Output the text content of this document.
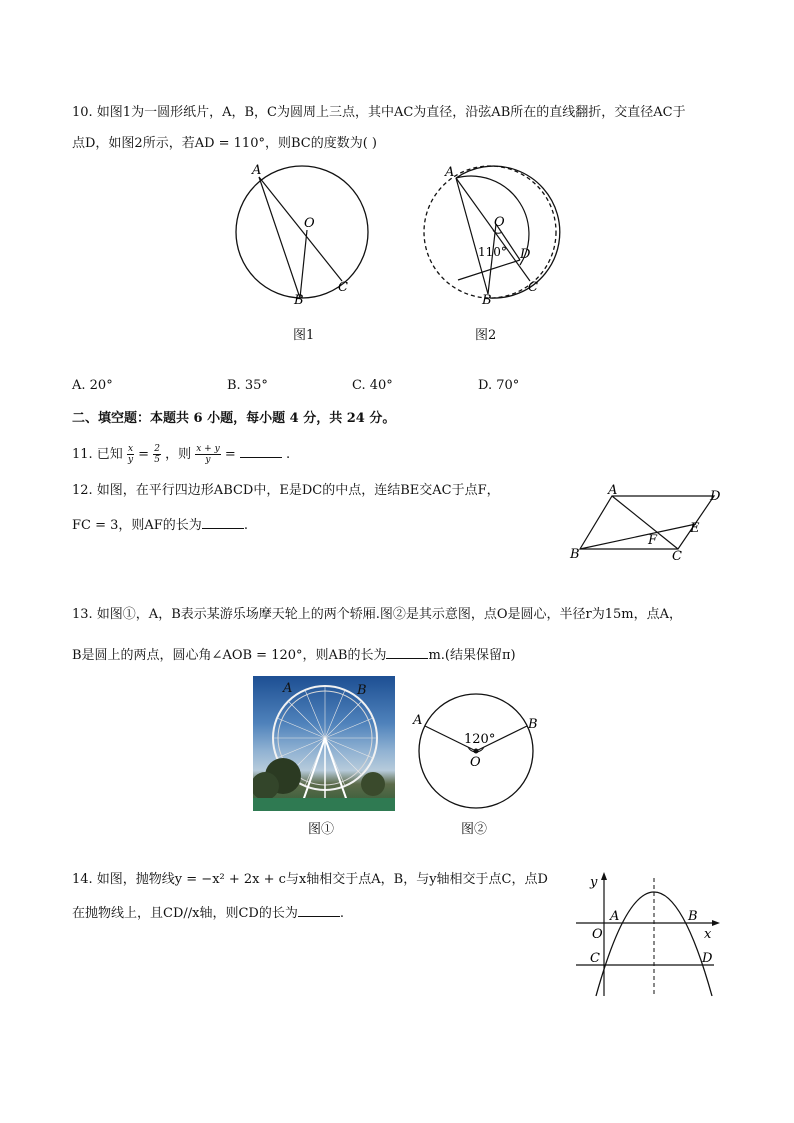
10. 如图1为一圆形纸片，A，B，C为圆周上三点，其中AC为直径，沿弦AB所在的直线翻折，交直径AC于
点D，如图2所示，若AD = 110°，则BC的度数为( )
A
O
B
C
图1
A
O
110° D
B
C
图2
A. 20°	B. 35°	C. 40°	D. 70°
二、填空题：本题共 6 小题，每小题 4 分，共 24 分。
11. 已知 $\frac{x}{y} = \frac{2}{5}$ ，则 $\frac{x + y}{y}$ =	.
12. 如图，在平行四边形ABCD中，E是DC的中点，连结BE交AC于点F，
FC = 3，则AF的长为	.
A	D
E
F
B	C
13. 如图①，A，B表示某游乐场摩天轮上的两个轿厢.图②是其示意图，点O是圆心，半径r为15m，点A，
B是圆上的两点，圆心角∠AOB = 120°，则AB的长为	m.(结果保留π)
A	B
图①
A	B
120°
O
图②
14. 如图，抛物线y = −x² + 2x + c与x轴相交于点A，B，与y轴相交于点C，点D
在抛物线上，且CD//x轴，则CD的长为	.
y
x
A	B
O
C	D
